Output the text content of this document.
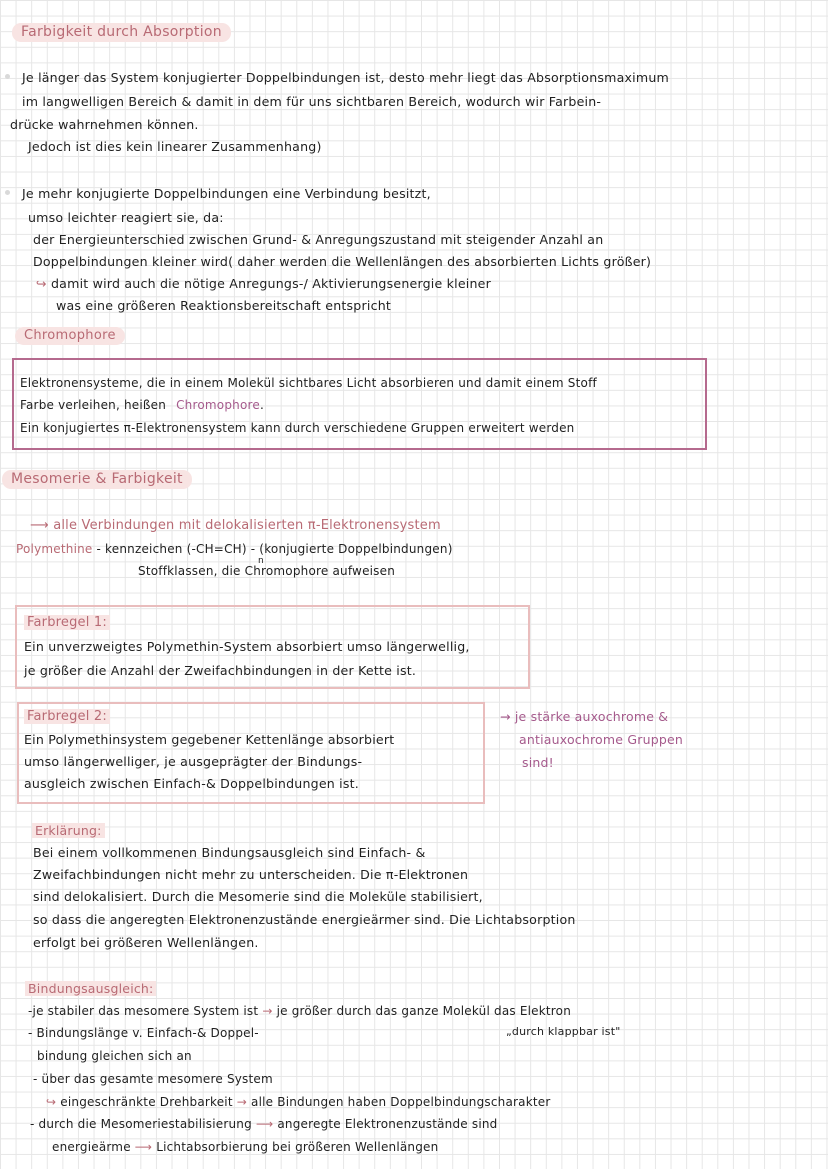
Farbigkeit durch Absorption
Je länger das System konjugierter Doppelbindungen ist, desto mehr liegt das Absorptionsmaximum
im langwelligen Bereich & damit in dem für uns sichtbaren Bereich, wodurch wir Farbein-
drücke wahrnehmen können.
Jedoch ist dies kein linearer Zusammenhang)
Je mehr konjugierte Doppelbindungen eine Verbindung besitzt,
umso leichter reagiert sie, da:
der Energieunterschied zwischen Grund- & Anregungszustand mit steigender Anzahl an
Doppelbindungen kleiner wird( daher werden die Wellenlängen des absorbierten Lichts größer)
↪ damit wird auch die nötige Anregungs-/ Aktivierungsenergie kleiner
was eine größeren Reaktionsbereitschaft entspricht
Chromophore
Elektronensysteme, die in einem Molekül sichtbares Licht absorbieren und damit einem Stoff
Farbe verleihen, heißen Chromophore.
Ein konjugiertes π-Elektronensystem kann durch verschiedene Gruppen erweitert werden
Mesomerie & Farbigkeit
⟶ alle Verbindungen mit delokalisierten π-Elektronensystem
Polymethine - kennzeichen (-CH=CH) - (konjugierte Doppelbindungen)
n
Stoffklassen, die Chromophore aufweisen
Farbregel 1:
Ein unverzweigtes Polymethin-System absorbiert umso längerwellig,
je größer die Anzahl der Zweifachbindungen in der Kette ist.
Farbregel 2:
Ein Polymethinsystem gegebener Kettenlänge absorbiert
umso längerwelliger, je ausgeprägter der Bindungs-
ausgleich zwischen Einfach-& Doppelbindungen ist.
→ je stärke auxochrome &
antiauxochrome Gruppen
sind!
Erklärung:
Bei einem vollkommenen Bindungsausgleich sind Einfach- &
Zweifachbindungen nicht mehr zu unterscheiden. Die π-Elektronen
sind delokalisiert. Durch die Mesomerie sind die Moleküle stabilisiert,
so dass die angeregten Elektronenzustände energieärmer sind. Die Lichtabsorption
erfolgt bei größeren Wellenlängen.
Bindungsausgleich:
-je stabiler das mesomere System ist → je größer durch das ganze Molekül das Elektron
„durch klappbar ist"
- Bindungslänge v. Einfach-& Doppel-
bindung gleichen sich an
- über das gesamte mesomere System
↪ eingeschränkte Drehbarkeit → alle Bindungen haben Doppelbindungscharakter
- durch die Mesomeriestabilisierung ⟶ angeregte Elektronenzustände sind
energieärme ⟶ Lichtabsorbierung bei größeren Wellenlängen
